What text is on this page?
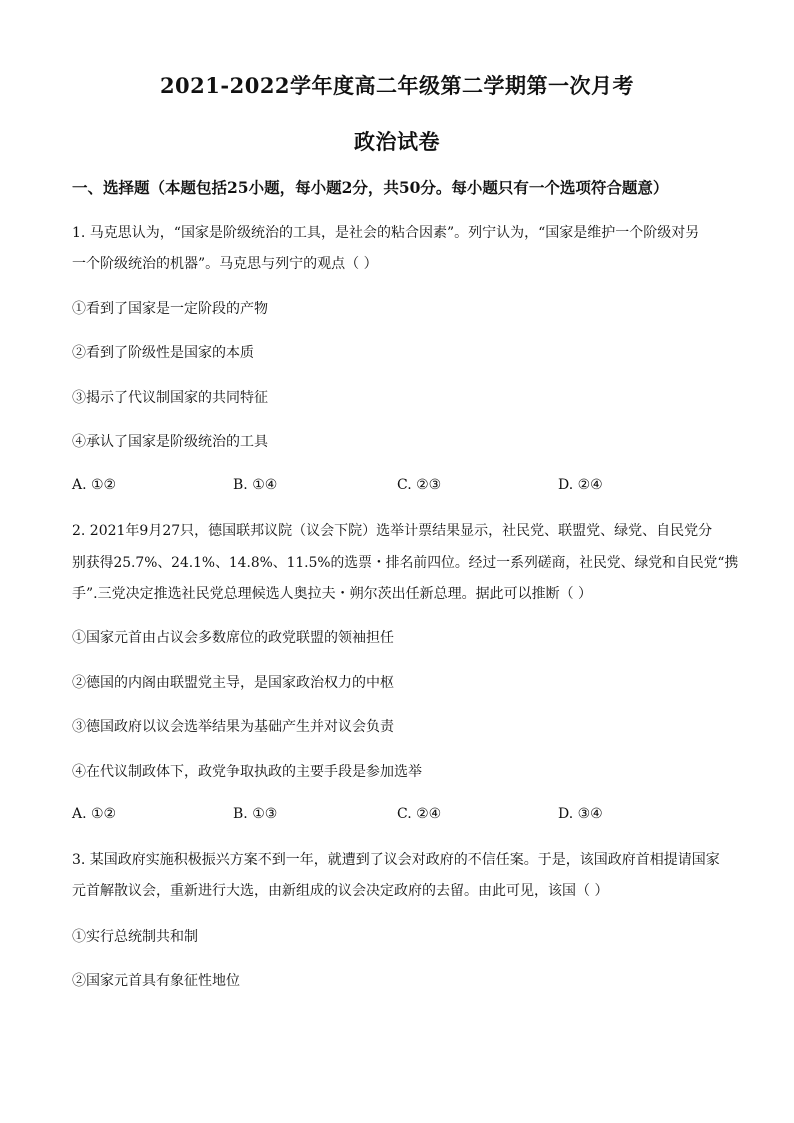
2021-2022学年度高二年级第二学期第一次月考
政治试卷
一、选择题（本题包括25小题，每小题2分，共50分。每小题只有一个选项符合题意）
1. 马克思认为，“国家是阶级统治的工具，是社会的粘合因素”。列宁认为，“国家是维护一个阶级对另
一个阶级统治的机器”。马克思与列宁的观点（ ）
①看到了国家是一定阶段的产物
②看到了阶级性是国家的本质
③揭示了代议制国家的共同特征
④承认了国家是阶级统治的工具
A. ①②	B. ①④	C. ②③	D. ②④
2. 2021年9月27只，德国联邦议院（议会下院）选举计票结果显示，社民党、联盟党、绿党、自民党分
别获得25.7%、24.1%、14.8%、11.5%的选票・排名前四位。经过一系列磋商，社民党、绿党和自民党“携
手”.三党决定推选社民党总理候选人奥拉夫・朔尔茨出任新总理。据此可以推断（ ）
①国家元首由占议会多数席位的政党联盟的领袖担任
②德国的内阁由联盟党主导，是国家政治权力的中枢
③德国政府以议会选举结果为基础产生并对议会负责
④在代议制政体下，政党争取执政的主要手段是参加选举
A. ①②	B. ①③	C. ②④	D. ③④
3. 某国政府实施积极振兴方案不到一年，就遭到了议会对政府的不信任案。于是，该国政府首相提请国家
元首解散议会，重新进行大选，由新组成的议会决定政府的去留。由此可见，该国（ ）
①实行总统制共和制
②国家元首具有象征性地位
